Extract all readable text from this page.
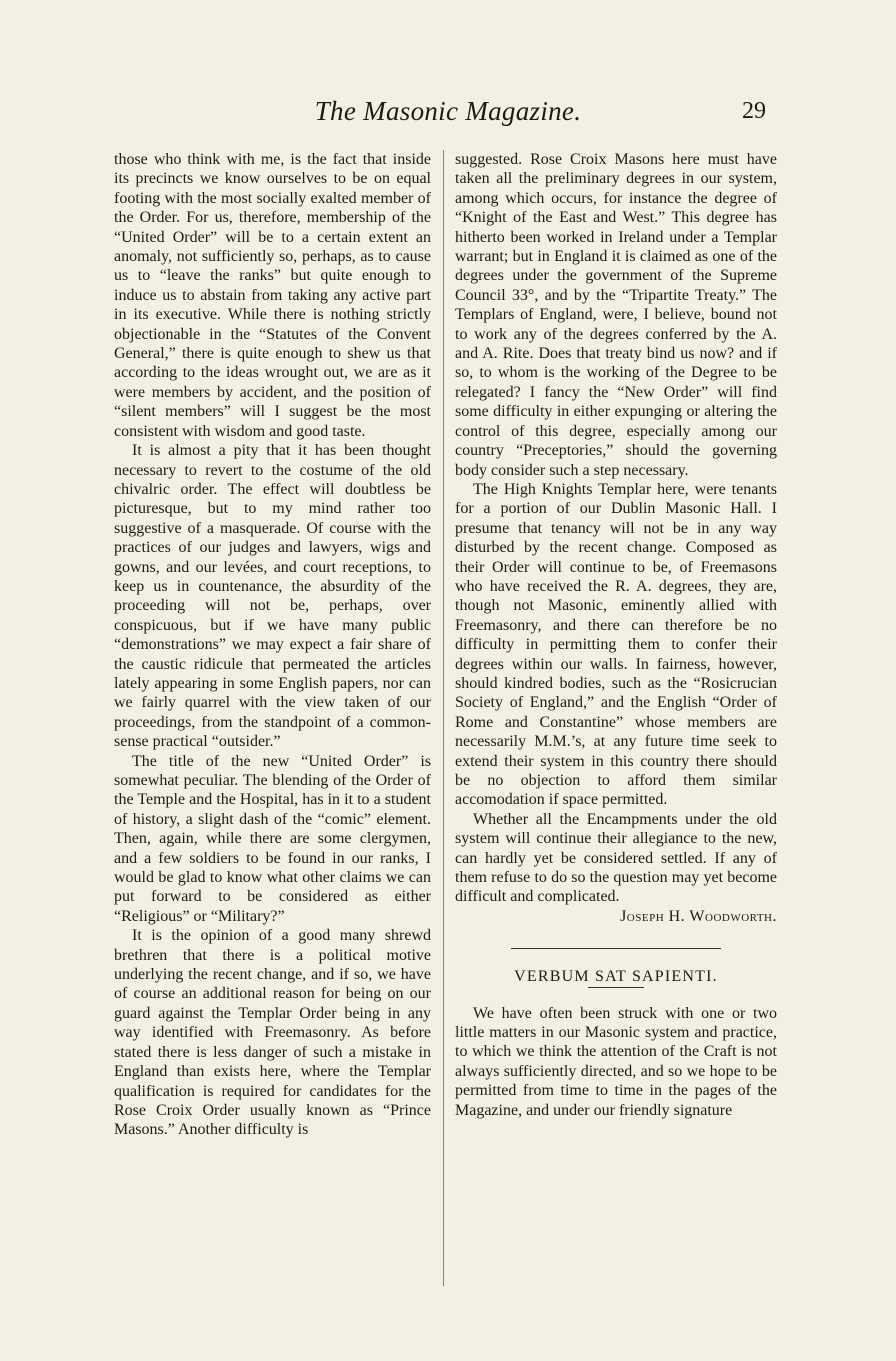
The Masonic Magazine.	29

those who think with me, is the fact that inside its precincts we know ourselves to be on equal footing with the most socially exalted member of the Order. For us, therefore, membership of the “United Order” will be to a certain extent an anomaly, not sufficiently so, perhaps, as to cause us to “leave the ranks” but quite enough to induce us to abstain from taking any active part in its executive. While there is nothing strictly objectionable in the “Statutes of the Convent General,” there is quite enough to shew us that according to the ideas wrought out, we are as it were members by accident, and the position of “silent members” will I suggest be the most consistent with wisdom and good taste.

It is almost a pity that it has been thought necessary to revert to the costume of the old chivalric order. The effect will doubtless be picturesque, but to my mind rather too suggestive of a masquerade. Of course with the practices of our judges and lawyers, wigs and gowns, and our levées, and court receptions, to keep us in countenance, the absurdity of the proceeding will not be, perhaps, over conspicuous, but if we have many public “demonstrations” we may expect a fair share of the caustic ridicule that permeated the articles lately appearing in some English papers, nor can we fairly quarrel with the view taken of our proceedings, from the standpoint of a common-sense practical “outsider.”

The title of the new “United Order” is somewhat peculiar. The blending of the Order of the Temple and the Hospital, has in it to a student of history, a slight dash of the “comic” element. Then, again, while there are some clergymen, and a few soldiers to be found in our ranks, I would be glad to know what other claims we can put forward to be considered as either “Religious” or “Military?”

It is the opinion of a good many shrewd brethren that there is a political motive underlying the recent change, and if so, we have of course an additional reason for being on our guard against the Templar Order being in any way identified with Freemasonry. As before stated there is less danger of such a mistake in England than exists here, where the Templar qualification is required for candidates for the Rose Croix Order usually known as “Prince Masons.” Another difficulty is

suggested. Rose Croix Masons here must have taken all the preliminary degrees in our system, among which occurs, for instance the degree of “Knight of the East and West.” This degree has hitherto been worked in Ireland under a Templar warrant; but in England it is claimed as one of the degrees under the government of the Supreme Council 33°, and by the “Tripartite Treaty.” The Templars of England, were, I believe, bound not to work any of the degrees conferred by the A. and A. Rite. Does that treaty bind us now? and if so, to whom is the working of the Degree to be relegated? I fancy the “New Order” will find some difficulty in either expunging or altering the control of this degree, especially among our country “Preceptories,” should the governing body consider such a step necessary.

The High Knights Templar here, were tenants for a portion of our Dublin Masonic Hall. I presume that tenancy will not be in any way disturbed by the recent change. Composed as their Order will continue to be, of Freemasons who have received the R. A. degrees, they are, though not Masonic, eminently allied with Freemasonry, and there can therefore be no difficulty in permitting them to confer their degrees within our walls. In fairness, however, should kindred bodies, such as the “Rosicrucian Society of England,” and the English “Order of Rome and Constantine” whose members are necessarily M.M.’s, at any future time seek to extend their system in this country there should be no objection to afford them similar accomodation if space permitted.

Whether all the Encampments under the old system will continue their allegiance to the new, can hardly yet be considered settled. If any of them refuse to do so the question may yet become difficult and complicated.

Joseph H. Woodworth.

VERBUM SAT SAPIENTI.

We have often been struck with one or two little matters in our Masonic system and practice, to which we think the attention of the Craft is not always sufficiently directed, and so we hope to be permitted from time to time in the pages of the Magazine, and under our friendly signature
